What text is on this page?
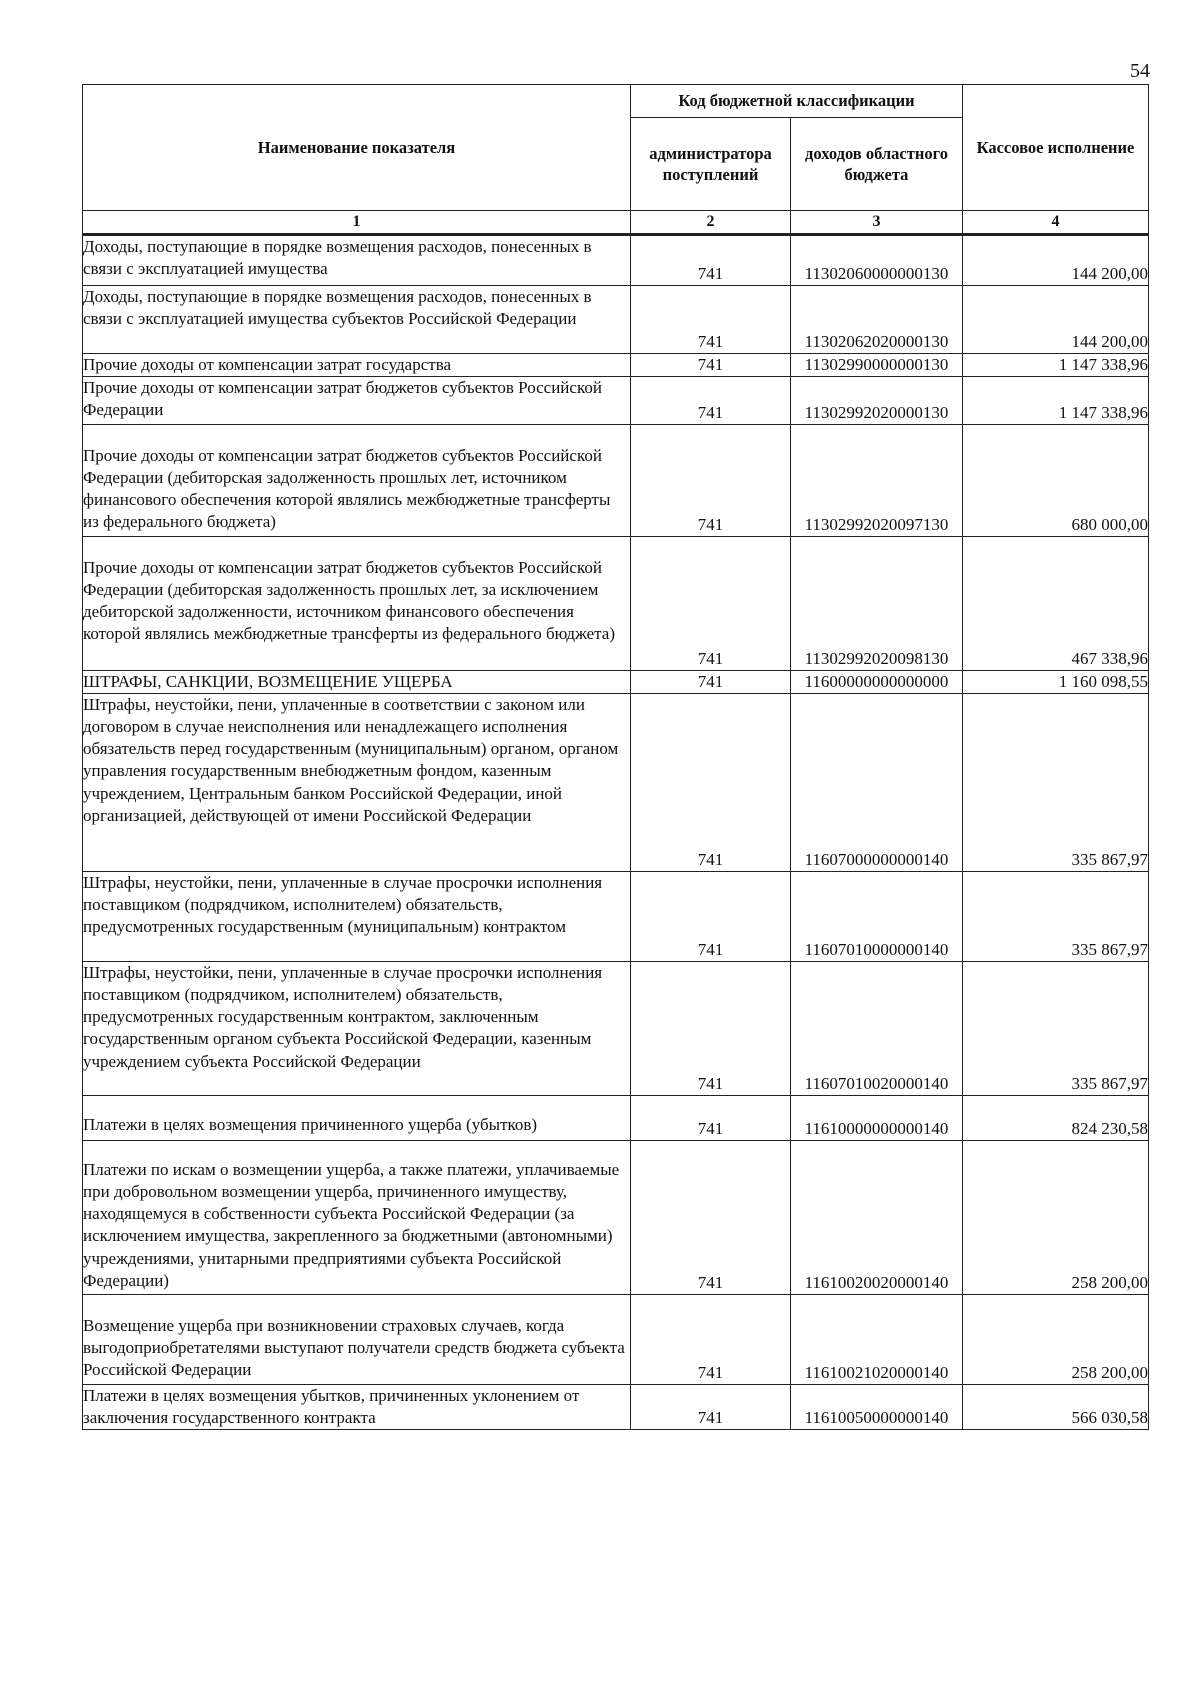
54
Наименование показателя	Код бюджетной классификации		Кассовое исполнение
	администратора поступлений	доходов областного бюджета	
1	2	3	4

Доходы, поступающие в порядке возмещения расходов, понесенных в связи с эксплуатацией имущества	741	11302060000000130	144 200,00

Доходы, поступающие в порядке возмещения расходов, понесенных в связи с эксплуатацией имущества субъектов Российской Федерации	741	11302062020000130	144 200,00

Прочие доходы от компенсации затрат государства	741	11302990000000130	1 147 338,96

Прочие доходы от компенсации затрат бюджетов субъектов Российской Федерации	741	11302992020000130	1 147 338,96

Прочие доходы от компенсации затрат бюджетов субъектов Российской Федерации (дебиторская задолженность прошлых лет, источником финансового обеспечения которой являлись межбюджетные трансферты из федерального бюджета)	741	11302992020097130	680 000,00

Прочие доходы от компенсации затрат бюджетов субъектов Российской Федерации (дебиторская задолженность прошлых лет, за исключением дебиторской задолженности, источником финансового обеспечения которой являлись межбюджетные трансферты из федерального бюджета)	741	11302992020098130	467 338,96

ШТРАФЫ, САНКЦИИ, ВОЗМЕЩЕНИЕ УЩЕРБА	741	11600000000000000	1 160 098,55

Штрафы, неустойки, пени, уплаченные в соответствии с законом или договором в случае неисполнения или ненадлежащего исполнения обязательств перед государственным (муниципальным) органом, органом управления государственным внебюджетным фондом, казенным учреждением, Центральным банком Российской Федерации, иной организацией, действующей от имени Российской Федерации	741	11607000000000140	335 867,97

Штрафы, неустойки, пени, уплаченные в случае просрочки исполнения поставщиком (подрядчиком, исполнителем) обязательств, предусмотренных государственным (муниципальным) контрактом	741	11607010000000140	335 867,97

Штрафы, неустойки, пени, уплаченные в случае просрочки исполнения поставщиком (подрядчиком, исполнителем) обязательств, предусмотренных государственным контрактом, заключенным государственным органом субъекта Российской Федерации, казенным учреждением субъекта Российской Федерации	741	11607010020000140	335 867,97

Платежи в целях возмещения причиненного ущерба (убытков)	741	11610000000000140	824 230,58

Платежи по искам о возмещении ущерба, а также платежи, уплачиваемые при добровольном возмещении ущерба, причиненного имуществу, находящемуся в собственности субъекта Российской Федерации (за исключением имущества, закрепленного за бюджетными (автономными) учреждениями, унитарными предприятиями субъекта Российской Федерации)	741	11610020020000140	258 200,00

Возмещение ущерба при возникновении страховых случаев, когда выгодоприобретателями выступают получатели средств бюджета субъекта Российской Федерации	741	11610021020000140	258 200,00

Платежи в целях возмещения убытков, причиненных уклонением от заключения государственного контракта	741	11610050000000140	566 030,58
